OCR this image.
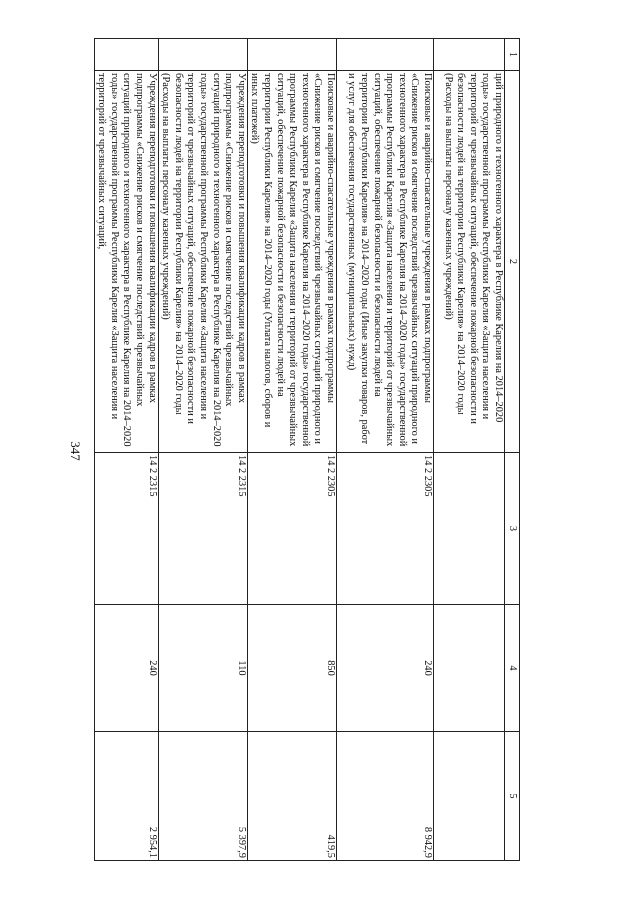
347
1	2	3	4	5
	ций природного и техногенного характера в Республике Карелия на 2014–2020 годы» государственной программы Республики Карелия «Защита населения и территорий от чрезвычайных ситуаций, обеспечение пожарной безопасности и безопасности людей на территории Республики Карелия» на 2014–2020 годы (Расходы на выплаты персоналу казенных учреждений)			
	Поисковые и аварийно-спасательные учреждения в рамках подпрограммы «Снижение рисков и смягчение последствий чрезвычайных ситуаций природного и техногенного характера в Республике Карелия на 2014–2020 годы» государственной программы Республики Карелия «Защита населения и территорий от чрезвычайных ситуаций, обеспечение пожарной безопасности и безопасности людей на территории Республики Карелия» на 2014–2020 годы (Иные закупки товаров, работ и услуг для обеспечения государственных (муниципальных) нужд)	14 2 2305	240	8 942,9
	Поисковые и аварийно-спасательные учреждения в рамках подпрограммы «Снижение рисков и смягчение последствий чрезвычайных ситуаций природного и техногенного характера в Республике Карелия на 2014–2020 годы» государственной программы Республики Карелия «Защита населения и территорий от чрезвычайных ситуаций, обеспечение пожарной безопасности и безопасности людей на территории Республики Карелия» на 2014–2020 годы (Уплата налогов, сборов и иных платежей)	14 2 2305	850	419,5
	Учреждения переподготовки и повышения квалификации кадров в рамках подпрограммы «Снижение рисков и смягчение последствий чрезвычайных ситуаций природного и техногенного характера в Республике Карелия на 2014–2020 годы» государственной программы Республики Карелия «Защита населения и территорий от чрезвычайных ситуаций, обеспечение пожарной безопасности и безопасности людей на территории Республики Карелия» на 2014–2020 годы (Расходы на выплаты персоналу казенных учреждений)	14 2 2315	110	5 397,9
	Учреждения переподготовки и повышения квалификации кадров в рамках подпрограммы «Снижение рисков и смягчение последствий чрезвычайных ситуаций природного и техногенного характера в Республике Карелия на 2014–2020 годы» государственной программы Республики Карелия «Защита населения и территорий от чрезвычайных ситуаций,	14 2 2315	240	2 954,1
